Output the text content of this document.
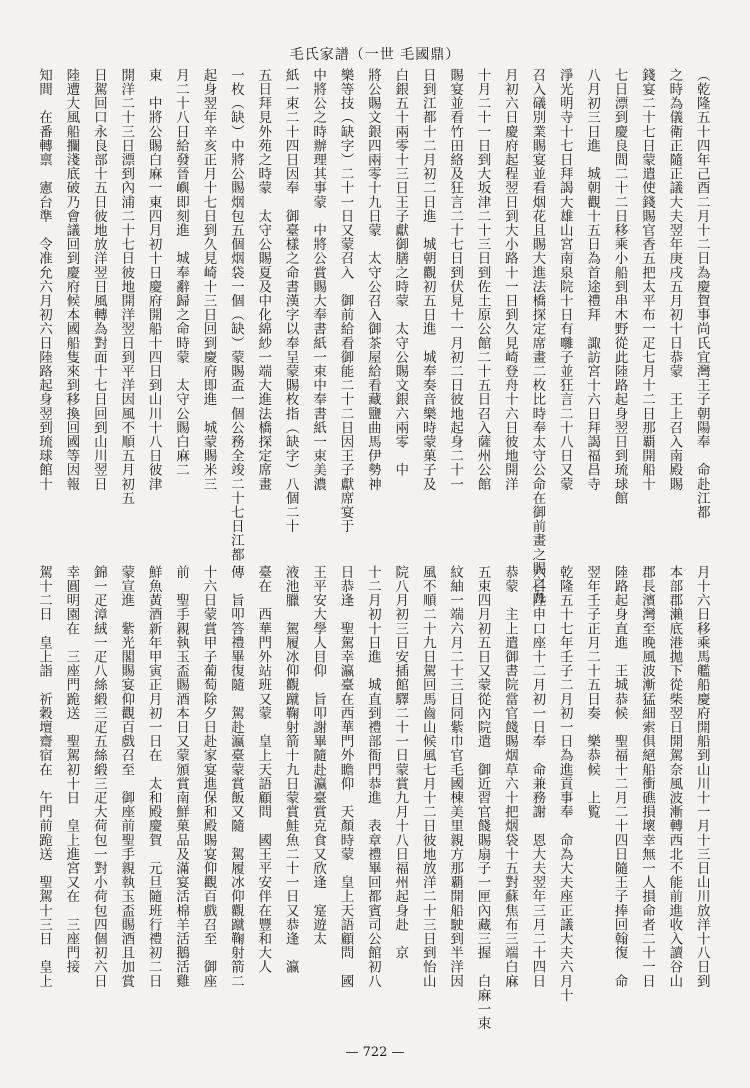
毛氏家譜（一世 毛國鼎）
（乾隆五十四年己酉二月十二日為慶賀事尚氏宜灣王子朝陽奉　命赴江都
之時為儀衛正隨正議大夫翌年庚戌五月初十日恭蒙　王上召入南殿賜
錢宴二十七日蒙遣使錢賜官香五把太平布一疋七月十二日那覇開船十
七日漂到慶良間二十二日移乘小船到串木野從此陸路起身翌日到琉球館
八月初三日進　城朝觀十五日為首途禮拜　諏訪宮十六日拜謁福昌寺
淨光明寺十七日拜謁大雄山宮南泉院十日有囃子並狂言二十八日又蒙
召入礒別業賜宴並看烟花且賜大進法橋探定席畫二枚比時奉太守公命在御前畫之賜之九
月初六日慶府起程翌日到大小路十一日到久見崎登舟十六日彼地開洋
十月二十一日到大坂津二十三日到佐土原公館二十五日召入薩州公館
賜宴並看竹田絡及狂言二十七日到伏見十一月初二日彼地起身二十一
日到江都十二月初二日進　城朝觀初五日進　城奉奏音樂時蒙菓子及
白銀五十兩零十三日王子獻御膳之時蒙　太守公賜文銀六兩零　中
將公賜文銀四兩零十九日蒙　太守公召入御茶屋給看藏鹽曲馬伊勢神
樂等技（缺字）二十一日又蒙召入　御前給看御能二十二日因王子獻席宴于
中將公之時辦理其事蒙　中將公賞賜大奉書紙一束中奉書紙一束美濃
紙一束二十四日因奉　御臺樣之命書漢字以奉呈蒙賜枚指（缺字）八個二十
五日拜見外苑之時蒙　太守公賜夏及中化綿紗一端大進法橋探定席畫
一枚（缺）中將公賜烟包五個烟袋一個（缺）蒙賜盃一個公務全竣二十七日江都
起身翌年辛亥正月十七日到久見崎十三日回到慶府即進　城蒙賜米三
月二十八日給發晉嶼即刻進　城奉辭歸之命時蒙　太守公賜白麻二
東　中將公賜白麻一東四月初十日慶府開船十四日到山川十八日彼津
開洋二十三日漂到內浦二十七日彼地開洋翌日到平洋因風不順五月初五
日駕回口永良部十五日彼地放洋翌日風轉為對面十七日回到山川翌日
陸遭大風船攔淺底破乃會議回到慶府候本國船隻來到移換回國等因報
知間　在番轉禀　憲台準　令准允六月初六日陸路起身翌到琉球館十
月十六日移乘馬艦船慶府開船到山川十一月十三日山川放洋十八日到
本部郡瀨底港拋下從柴翌日開駕奈風波漸轉西北不能前進收入讀谷山
郡長濱灣至晚風波漸猛細索俱絕船衝礁損壞幸無一人損命者二十一日
陸路起身直進　王城恭候　聖福十二月二十四日隨王子捧回翰復　命
翌年壬子正月二十五日奏　樂恭候　上覧
乾隆五十七年壬子二月初一日為進貢事奉　命為大夫座正議大夫六月十
六日陞申口座十二月初一日奉　命兼務謝　恩大夫翌年三月二十四日
恭蒙　主上遣御書院當官餞賜烟草六十把烟袋十五對蘇焦布三端白麻
五束四月初五日又蒙從內院遣　御近習官餞賜扇子一匣內藏三握　白麻一束
紋紬一端六月二十三日同紫巾官毛國棟美里親方那覇開船駛到半洋因
風不順二十九日駕回馬齒山候風七月十二日彼地放洋二十三日到怡山
院八月初三日安插館驛二十一日蒙賞九月十八日福州起身赴　京
十二月初十日進　城直到禮部衙門恭進　表章禮畢回都賓司公館初八
日恭逢　聖駕幸瀛臺在西華門外瞻仰　天顏時蒙　皇上天語顧問　國
王平安大學人目仰　旨叩謝畢隨赴瀛臺賞克食又欣逢　寔遊太
液池臘　駕履冰仰觀蹴鞠射箭十九日蒙賞鮭魚二十一日又恭逢　瀛
臺在　西華門外站班又蒙　皇上天語顧問　國王平安伴在豐和大人
傳　旨叩答禮畢復隨　駕赴瀛臺蒙賞飯又隨　駕履冰仰觀蹴鞠射箭二
十六日蒙賞甲子葡萄除夕日赴家宴進保和殿賜宴仰觀百戲召至　御座
前　聖手親執玉盃賜酒本日又蒙頒賞南鮮菓品及滿宴活棉羊活鵝活雞
鮮魚黃酒新年甲寅正月初一日在　太和殿慶賀　元旦隨班行禮初二日
蒙宣進　紫光閣賜宴仰觀百戲召至　御座前聖手親執玉盃賜酒且加賞
錦一疋漳絨一疋八絲緞三疋五絲緞三疋大荷包一對小荷包四個初六日
幸圓明園在　三座門跪送　聖駕初十日　皇上進宮又在　三座門接
駕十二日　皇上詣　祈穀壇齋宿在　午門前跪送　聖駕十三日　皇上
— 722 —
